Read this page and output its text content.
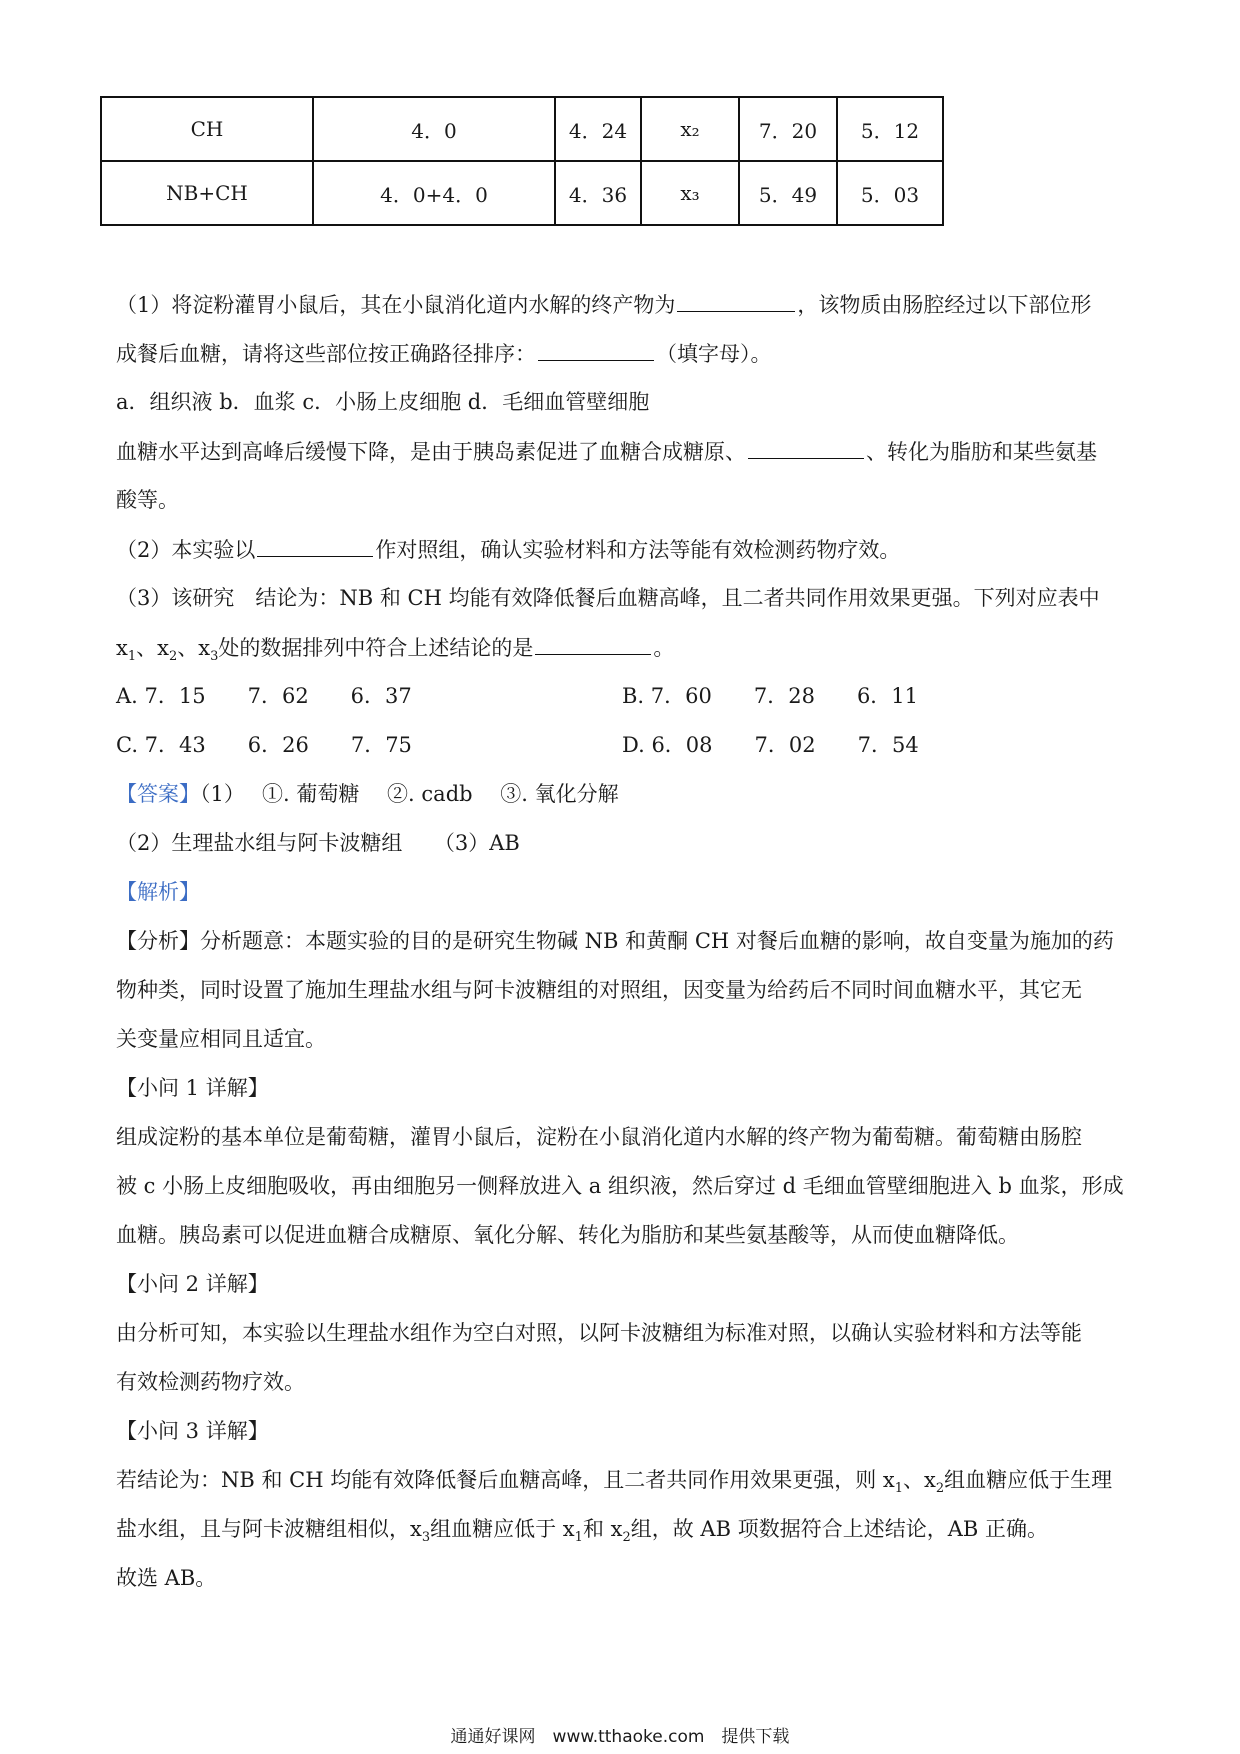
CH	4．0	4．24	x₂	7．20	5．12
NB+CH	4．0+4．0	4．36	x₃	5．49	5．03
（1）将淀粉灌胃小鼠后，其在小鼠消化道内水解的终产物为	，该物质由肠腔经过以下部位形
成餐后血糖，请将这些部位按正确路径排序：	（填字母）。
a．组织液 b．血浆 c．小肠上皮细胞 d．毛细血管壁细胞
血糖水平达到高峰后缓慢下降，是由于胰岛素促进了血糖合成糖原、	、转化为脂肪和某些氨基
酸等。
（2）本实验以	作对照组，确认实验材料和方法等能有效检测药物疗效。
（3）该研究　结论为：NB 和 CH 均能有效降低餐后血糖高峰，且二者共同作用效果更强。下列对应表中
$x_1$、$x_2$、$x_3$处的数据排列中符合上述结论的是	。
A. 7．15　　7．62　　6．37	B. 7．60　　7．28　　6．11
C. 7．43　　6．26　　7．75	D. 6．08　　7．02　　7．54
【答案】（1）　 ①. 葡萄糖　 ②. cadb　 ③. 氧化分解
（2）生理盐水组与阿卡波糖组　　（3）AB
【解析】
【分析】分析题意：本题实验的目的是研究生物碱 NB 和黄酮 CH 对餐后血糖的影响，故自变量为施加的药
物种类，同时设置了施加生理盐水组与阿卡波糖组的对照组，因变量为给药后不同时间血糖水平，其它无
关变量应相同且适宜。
【小问 1 详解】
组成淀粉的基本单位是葡萄糖，灌胃小鼠后，淀粉在小鼠消化道内水解的终产物为葡萄糖。葡萄糖由肠腔
被 c 小肠上皮细胞吸收，再由细胞另一侧释放进入 a 组织液，然后穿过 d 毛细血管壁细胞进入 b 血浆，形成
血糖。胰岛素可以促进血糖合成糖原、氧化分解、转化为脂肪和某些氨基酸等，从而使血糖降低。
【小问 2 详解】
由分析可知，本实验以生理盐水组作为空白对照，以阿卡波糖组为标准对照，以确认实验材料和方法等能
有效检测药物疗效。
【小问 3 详解】
若结论为：NB 和 CH 均能有效降低餐后血糖高峰，且二者共同作用效果更强，则 $x_1$、$x_2$组血糖应低于生理
盐水组，且与阿卡波糖组相似，$x_3$组血糖应低于 $x_1$和 $x_2$组，故 AB 项数据符合上述结论，AB 正确。
故选 AB。
通通好课网　www.tthaoke.com　提供下载
